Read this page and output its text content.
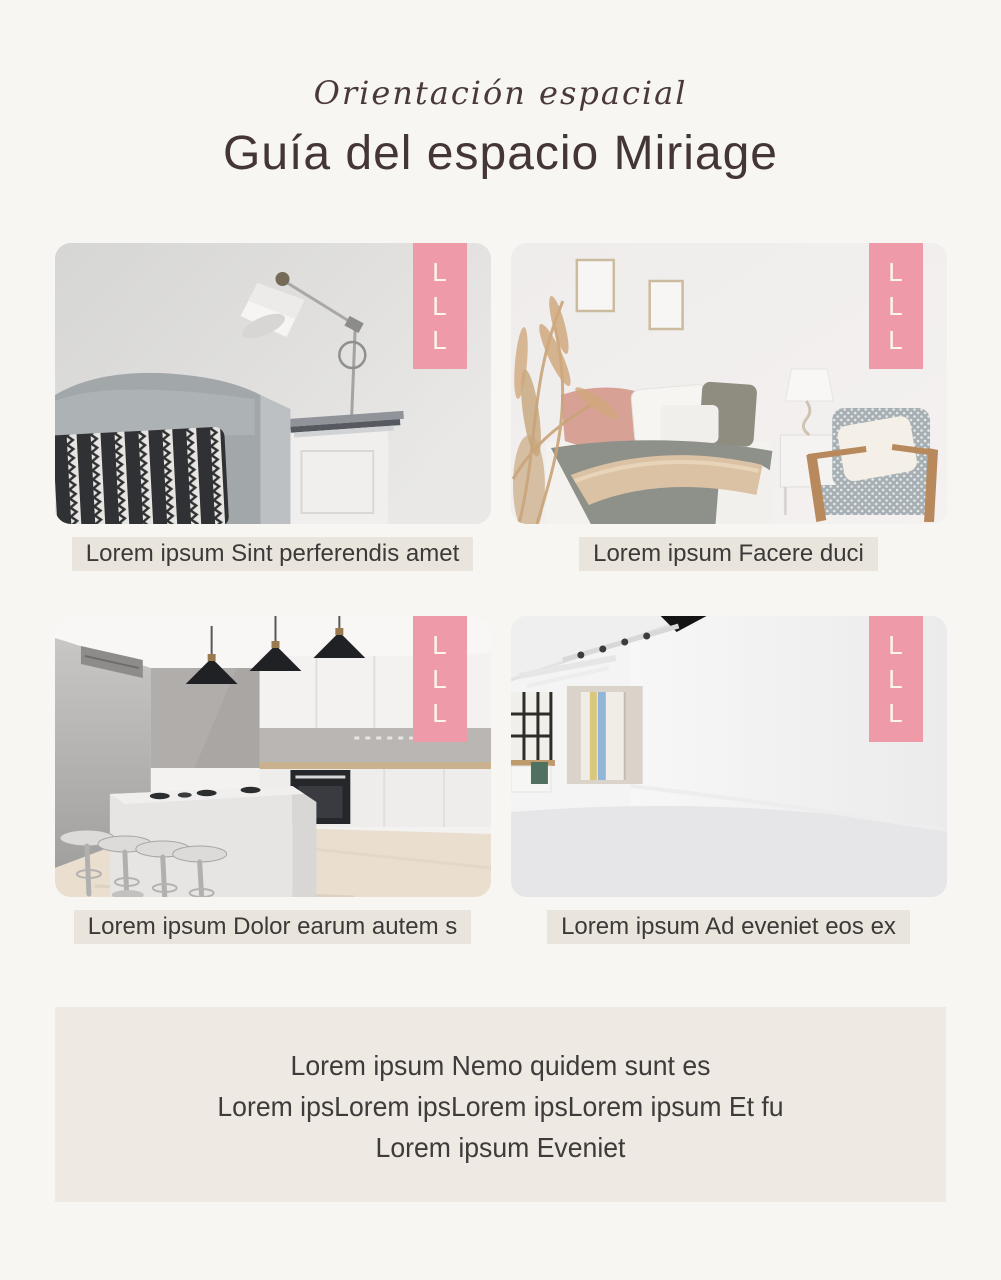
Orientación espacial
Guía del espacio Miriage
L
L
L
Lorem ipsum Sint perferendis amet
L
L
L
Lorem ipsum Facere duci
L
L
L
Lorem ipsum Dolor earum autem s
L
L
L
Lorem ipsum Ad eveniet eos ex

Lorem ipsum Nemo quidem sunt es

Lorem ipsLorem ipsLorem ipsLorem ipsum Et fu

Lorem ipsum Eveniet
